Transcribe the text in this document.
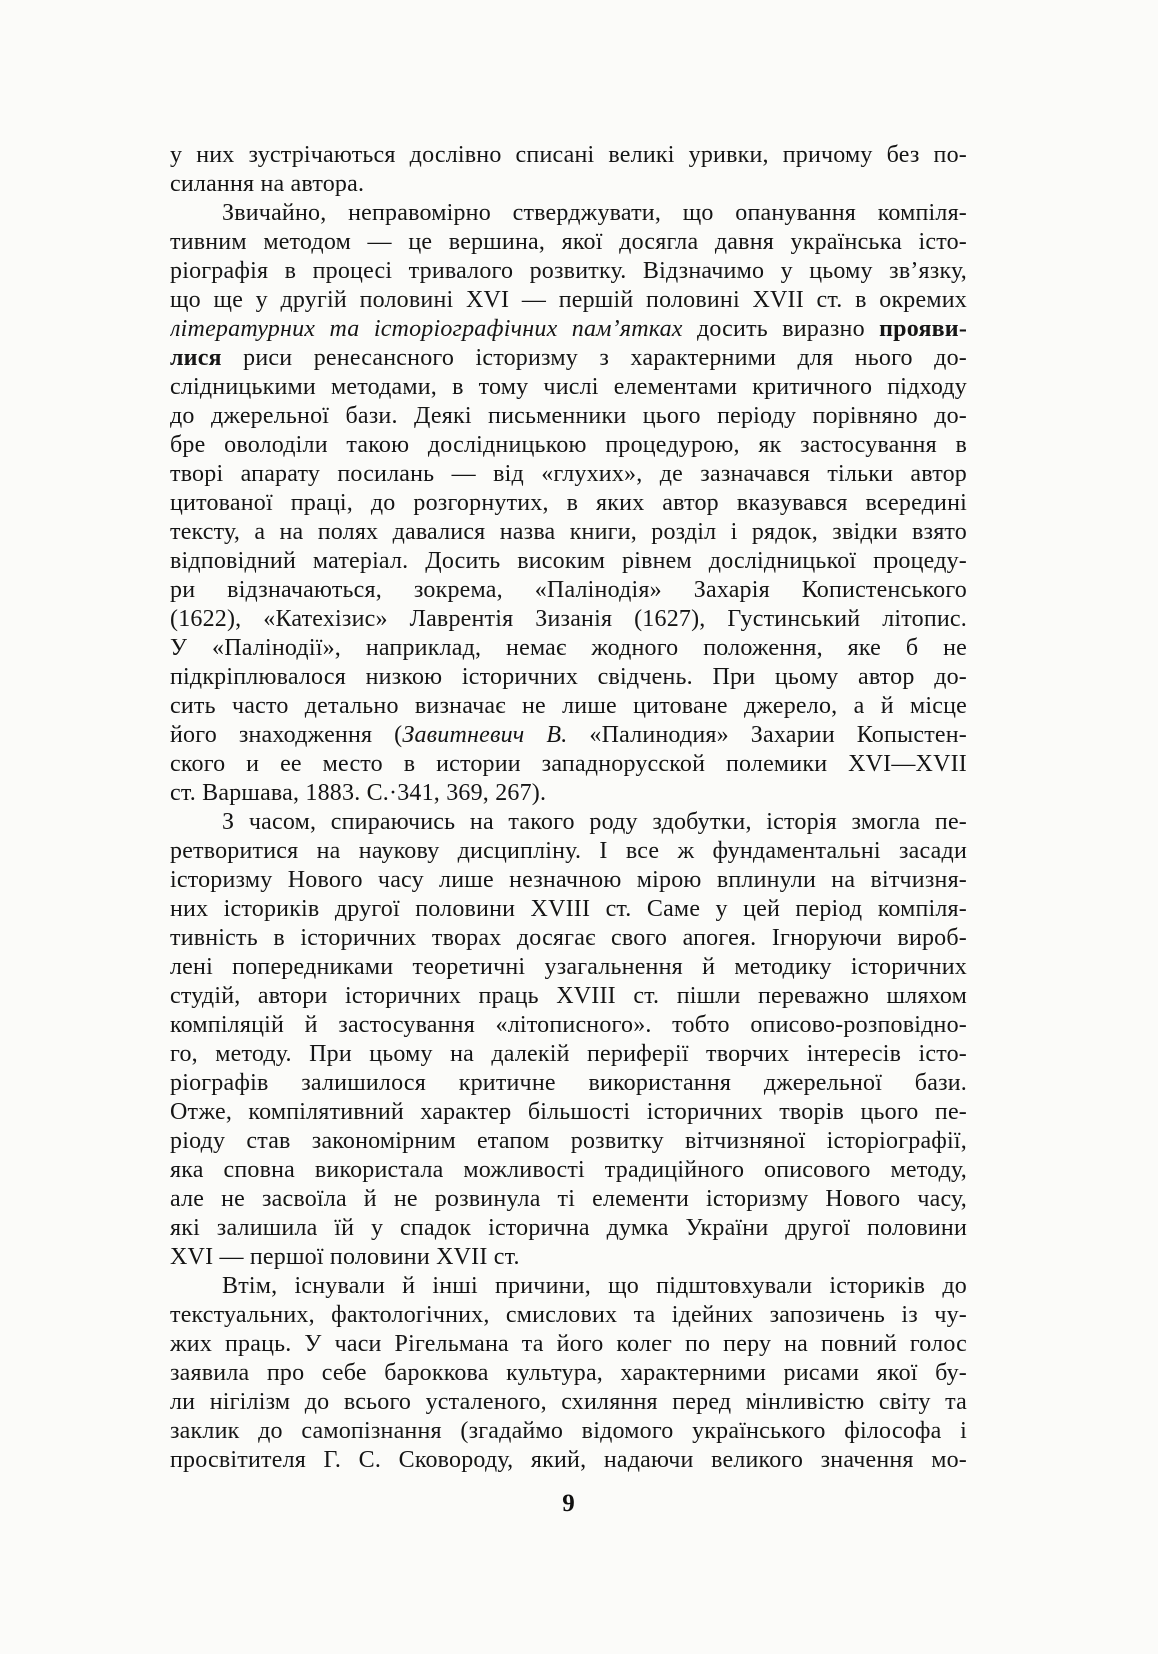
у них зустрічаються дослівно списані великі уривки, причому без по-
силання на автора.
Звичайно, неправомірно стверджувати, що опанування компіля-
тивним методом — це вершина, якої досягла давня українська істо-
ріографія в процесі тривалого розвитку. Відзначимо у цьому зв’язку,
що ще у другій половині XVI — першій половині XVII ст. в окремих
літературних та історіографічних пам’ятках досить виразно прояви-
лися риси ренесансного історизму з характерними для нього до-
слідницькими методами, в тому числі елементами критичного підходу
до джерельної бази. Деякі письменники цього періоду порівняно до-
бре оволоділи такою дослідницькою процедурою, як застосування в
творі апарату посилань — від «глухих», де зазначався тільки автор
цитованої праці, до розгорнутих, в яких автор вказувався всередині
тексту, а на полях давалися назва книги, розділ і рядок, звідки взято
відповідний матеріал. Досить високим рівнем дослідницької процеду-
ри відзначаються, зокрема, «Палінодія» Захарія Копистенського
(1622), «Катехізис» Лаврентія Зизанія (1627), Густинський літопис.
У «Палінодії», наприклад, немає жодного положення, яке б не
підкріплювалося низкою історичних свідчень. При цьому автор до-
сить часто детально визначає не лише цитоване джерело, а й місце
його знаходження (Завитневич В. «Палинодия» Захарии Копыстен-
ского и ее место в истории западнорусской полемики XVI—XVII
ст. Варшава, 1883. С.·341, 369, 267).
З часом, спираючись на такого роду здобутки, історія змогла пе-
ретворитися на наукову дисципліну. І все ж фундаментальні засади
історизму Нового часу лише незначною мірою вплинули на вітчизня-
них істориків другої половини XVIII ст. Саме у цей період компіля-
тивність в історичних творах досягає свого апогея. Ігноруючи вироб-
лені попередниками теоретичні узагальнення й методику історичних
студій, автори історичних праць XVIII ст. пішли переважно шляхом
компіляцій й застосування «літописного». тобто описово-розповідно-
го, методу. При цьому на далекій периферії творчих інтересів істо-
ріографів залишилося критичне використання джерельної бази.
Отже, компілятивний характер більшості історичних творів цього пе-
ріоду став закономірним етапом розвитку вітчизняної історіографії,
яка сповна використала можливості традиційного описового методу,
але не засвоїла й не розвинула ті елементи історизму Нового часу,
які залишила їй у спадок історична думка України другої половини
XVI — першої половини XVII ст.
Втім, існували й інші причини, що підштовхували істориків до
текстуальних, фактологічних, смислових та ідейних запозичень із чу-
жих праць. У часи Рігельмана та його колег по перу на повний голос
заявила про себе бароккова культура, характерними рисами якої бу-
ли нігілізм до всього усталеного, схиляння перед мінливістю світу та
заклик до самопізнання (згадаймо відомого українського філософа і
просвітителя Г. С. Сковороду, який, надаючи великого значення мо-
9
